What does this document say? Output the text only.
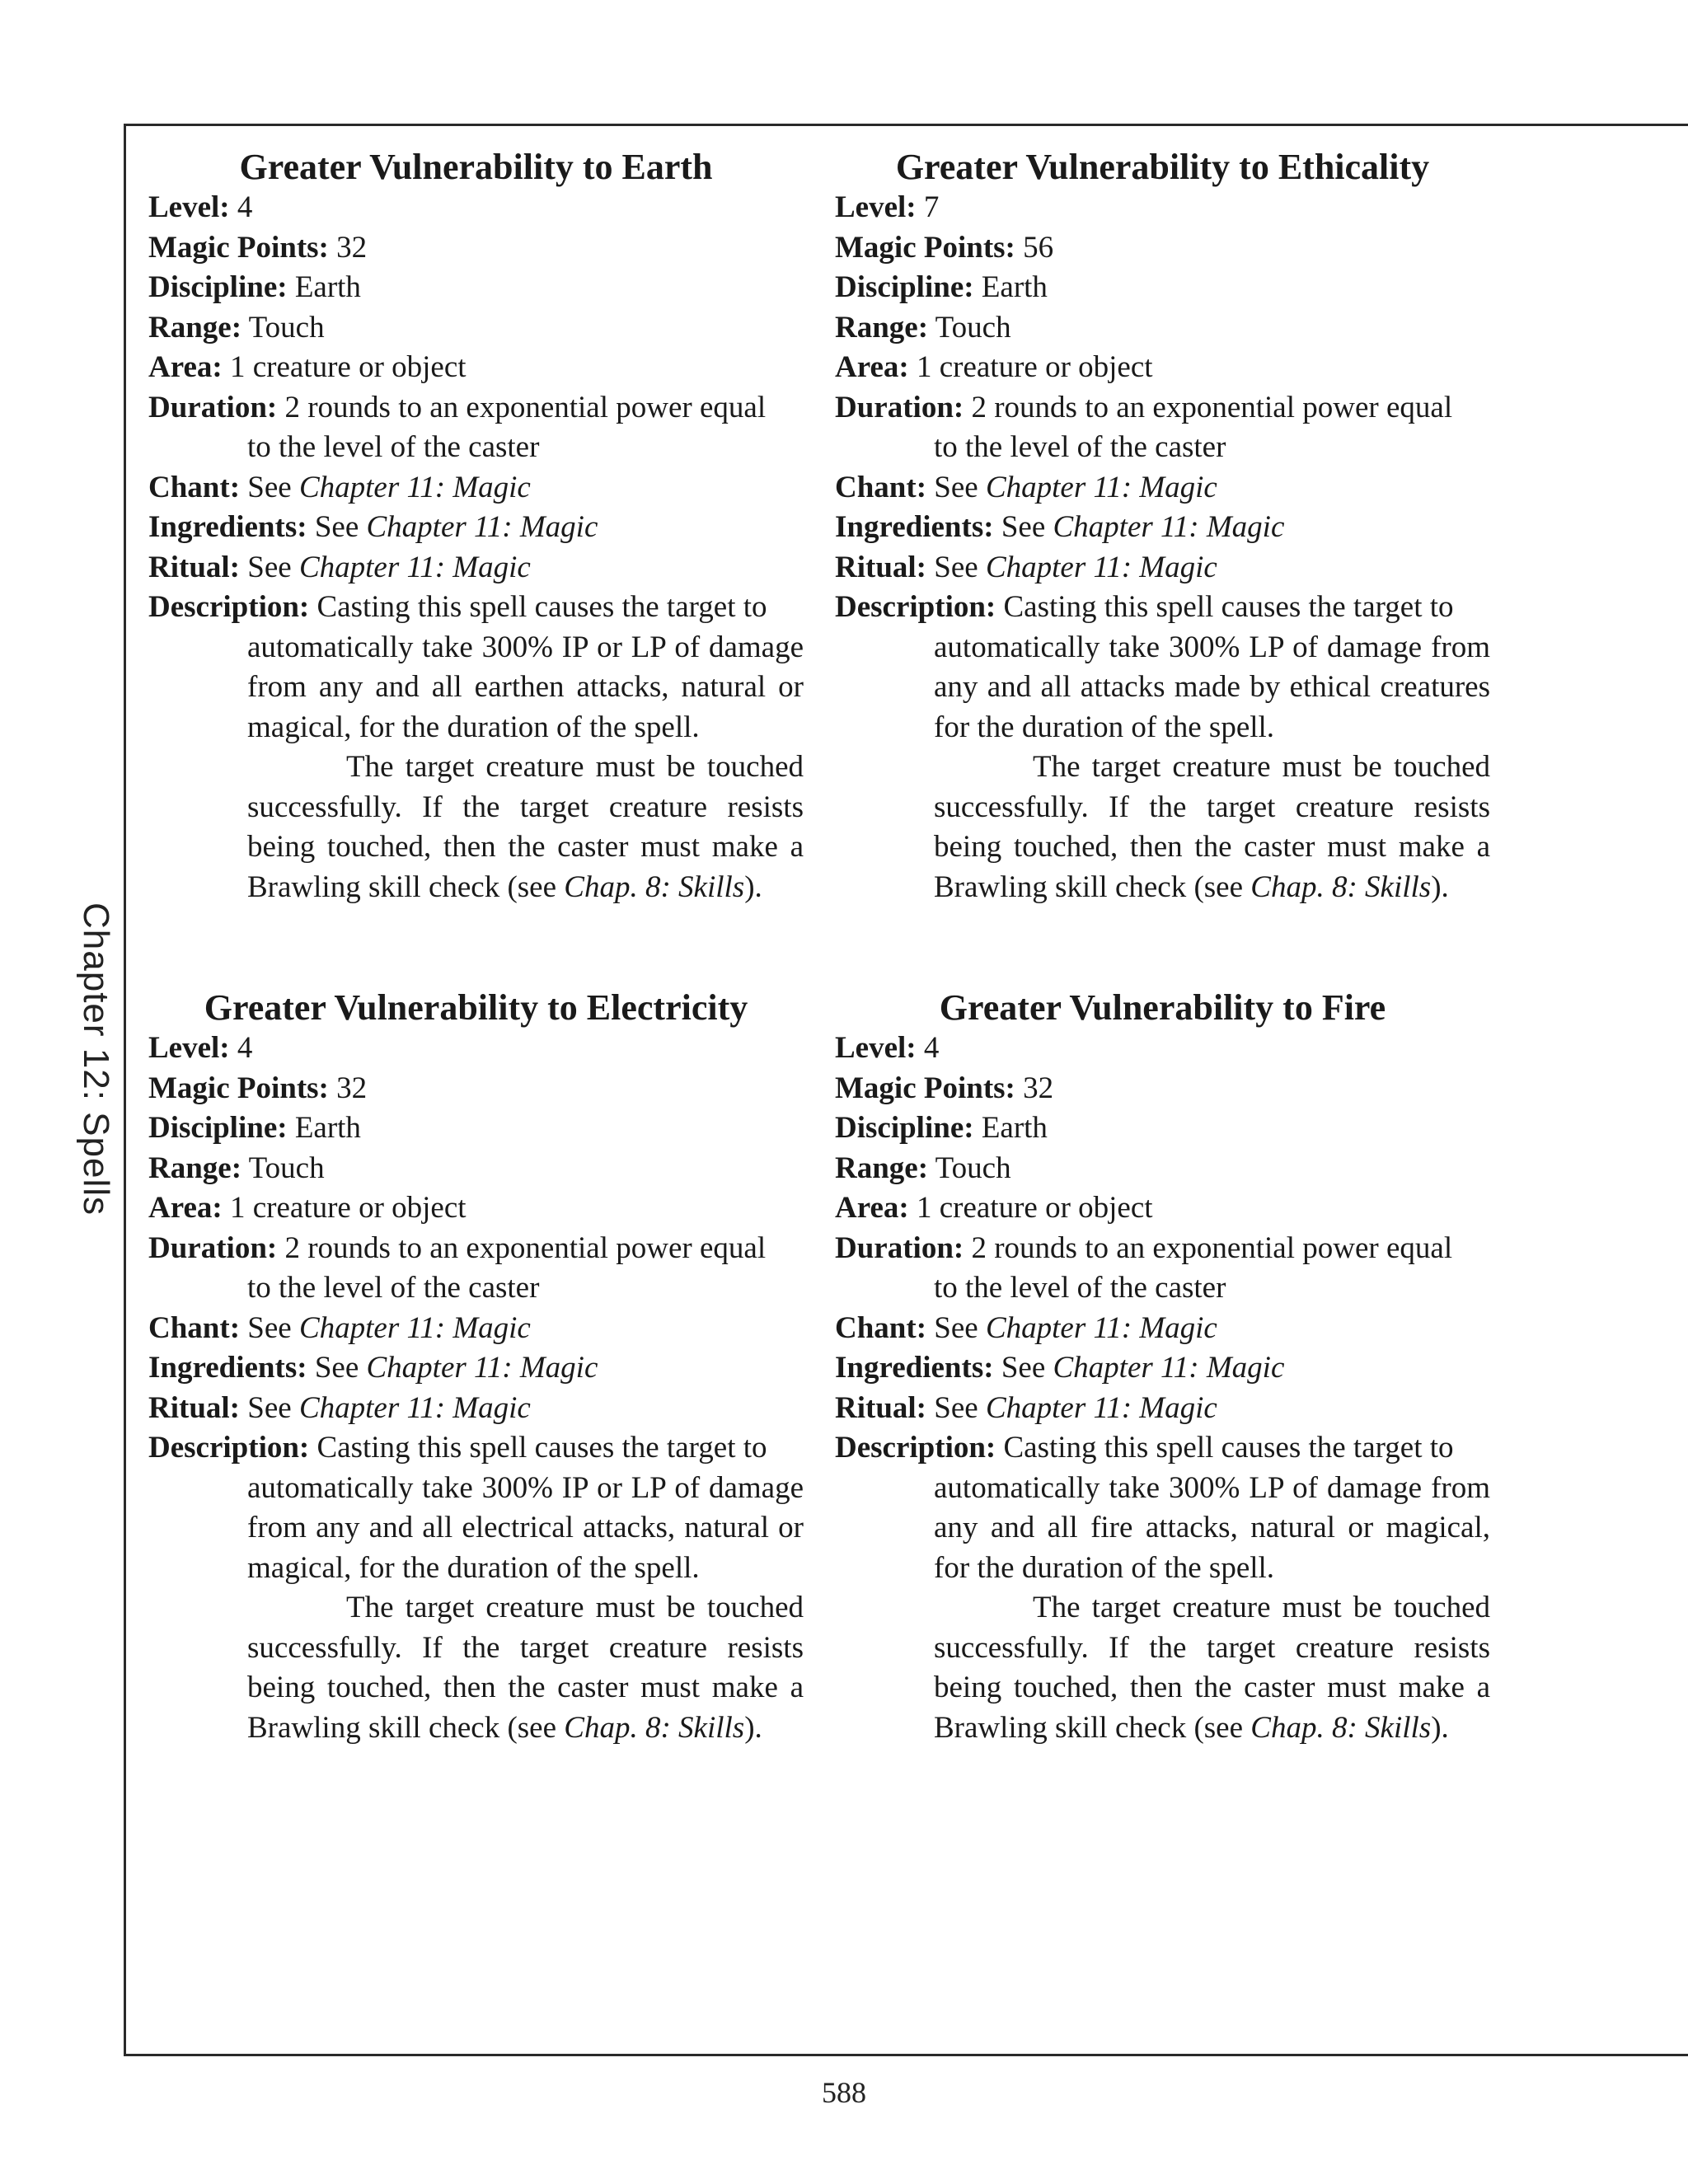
Chapter 12: Spells
Greater Vulnerability to Earth

Level: 4

Magic Points: 32

Discipline: Earth

Range: Touch

Area: 1 creature or object

Duration: 2 rounds to an exponential power equal

to the level of the caster

Chant: See Chapter 11: Magic

Ingredients: See Chapter 11: Magic

Ritual: See Chapter 11: Magic

Description: Casting this spell causes the target to

automatically take 300% IP or LP of damage from any and all earthen attacks, natural or magical, for the duration of the spell.

The target creature must be touched successfully. If the target creature resists being touched, then the caster must make a Brawling skill check (see Chap. 8: Skills).

Greater Vulnerability to Ethicality

Level: 7

Magic Points: 56

Discipline: Earth

Range: Touch

Area: 1 creature or object

Duration: 2 rounds to an exponential power equal

to the level of the caster

Chant: See Chapter 11: Magic

Ingredients: See Chapter 11: Magic

Ritual: See Chapter 11: Magic

Description: Casting this spell causes the target to

automatically take 300% LP of damage from any and all attacks made by ethical creatures for the duration of the spell.

The target creature must be touched successfully. If the target creature resists being touched, then the caster must make a Brawling skill check (see Chap. 8: Skills).

Greater Vulnerability to Electricity

Level: 4

Magic Points: 32

Discipline: Earth

Range: Touch

Area: 1 creature or object

Duration: 2 rounds to an exponential power equal

to the level of the caster

Chant: See Chapter 11: Magic

Ingredients: See Chapter 11: Magic

Ritual: See Chapter 11: Magic

Description: Casting this spell causes the target to

automatically take 300% IP or LP of damage from any and all electrical attacks, natural or magical, for the duration of the spell.

The target creature must be touched successfully. If the target creature resists being touched, then the caster must make a Brawling skill check (see Chap. 8: Skills).

Greater Vulnerability to Fire

Level: 4

Magic Points: 32

Discipline: Earth

Range: Touch

Area: 1 creature or object

Duration: 2 rounds to an exponential power equal

to the level of the caster

Chant: See Chapter 11: Magic

Ingredients: See Chapter 11: Magic

Ritual: See Chapter 11: Magic

Description: Casting this spell causes the target to

automatically take 300% LP of damage from any and all fire attacks, natural or magical, for the duration of the spell.

The target creature must be touched successfully. If the target creature resists being touched, then the caster must make a Brawling skill check (see Chap. 8: Skills).

588
